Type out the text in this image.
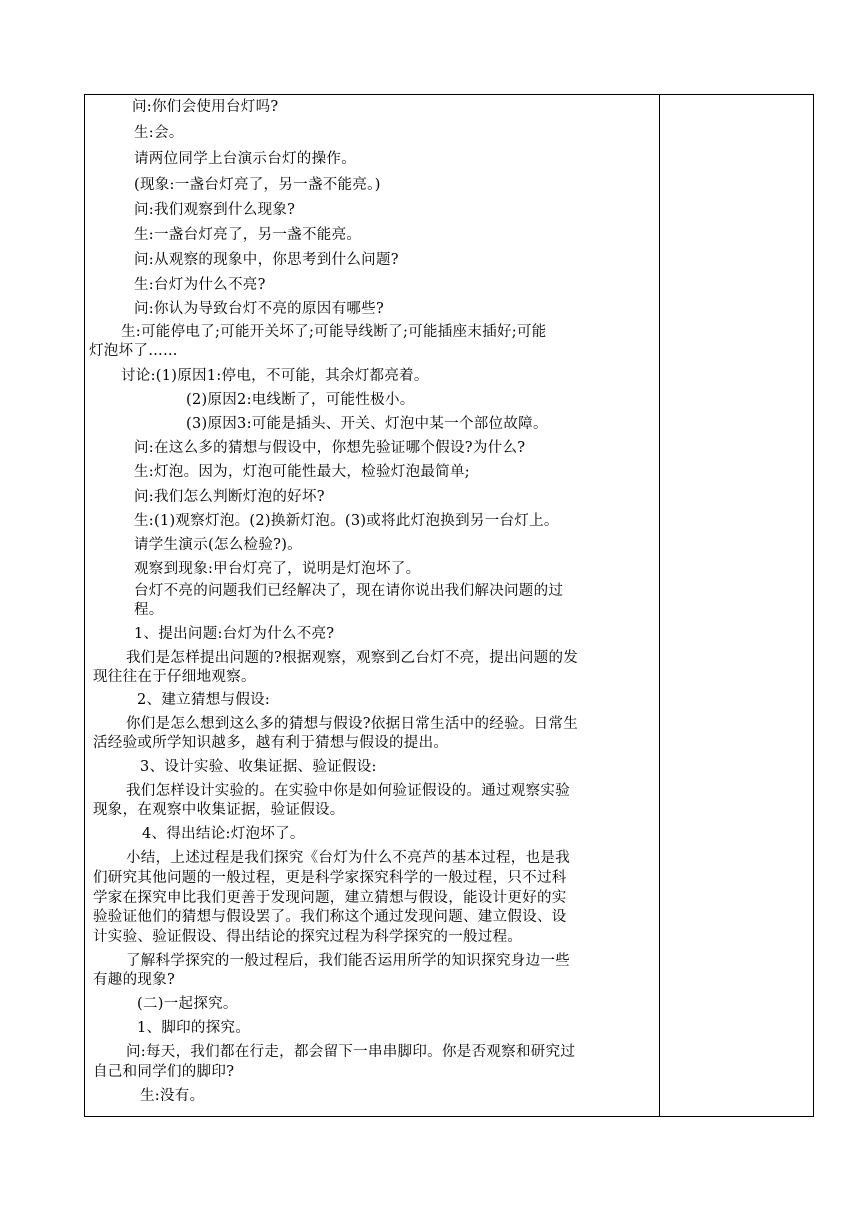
问:你们会使用台灯吗?
生:会。
请两位同学上台演示台灯的操作。
(现象:一盏台灯亮了，另一盏不能亮。)
问:我们观察到什么现象?
生:一盏台灯亮了，另一盏不能亮。
问:从观察的现象中，你思考到什么问题?
生:台灯为什么不亮?
问:你认为导致台灯不亮的原因有哪些?
生:可能停电了;可能开关坏了;可能导线断了;可能插座末插好;可能
灯泡坏了……
讨论:(1)原因1:停电，不可能，其余灯都亮着。
(2)原因2:电线断了，可能性极小。
(3)原因3:可能是插头、开关、灯泡中某一个部位故障。
问:在这么多的猜想与假设中，你想先验证哪个假设?为什么?
生:灯泡。因为，灯泡可能性最大，检验灯泡最简单;
问:我们怎么判断灯泡的好坏?
生:(1)观察灯泡。(2)换新灯泡。(3)或将此灯泡换到另一台灯上。
请学生演示(怎么检验?)。
观察到现象:甲台灯亮了，说明是灯泡坏了。
台灯不亮的问题我们已经解决了，现在请你说出我们解决问题的过
程。
1、提出问题:台灯为什么不亮?
我们是怎样提出问题的?根据观察，观察到乙台灯不亮，提出问题的发
现往往在于仔细地观察。
2、建立猜想与假设:
你们是怎么想到这么多的猜想与假设?依据日常生活中的经验。日常生
活经验或所学知识越多，越有利于猜想与假设的提出。
3、设计实验、收集证据、验证假设:
我们怎样设计实验的。在实验中你是如何验证假设的。通过观察实验
现象，在观察中收集证据，验证假设。
4、得出结论:灯泡坏了。
小结，上述过程是我们探究《台灯为什么不亮芦的基本过程，也是我
们研究其他问题的一般过程，更是科学家探究科学的一般过程，只不过科
学家在探究申比我们更善于发现问题，建立猜想与假设，能设计更好的实
验验证他们的猜想与假设罢了。我们称这个通过发现问题、建立假设、设
计实验、验证假设、得出结论的探究过程为科学探究的一般过程。
了解科学探究的一般过程后，我们能否运用所学的知识探究身边一些
有趣的现象?
(二)一起探究。
1、脚印的探究。
问:每天，我们都在行走，都会留下一串串脚印。你是否观察和研究过
自己和同学们的脚印?
生:没有。
